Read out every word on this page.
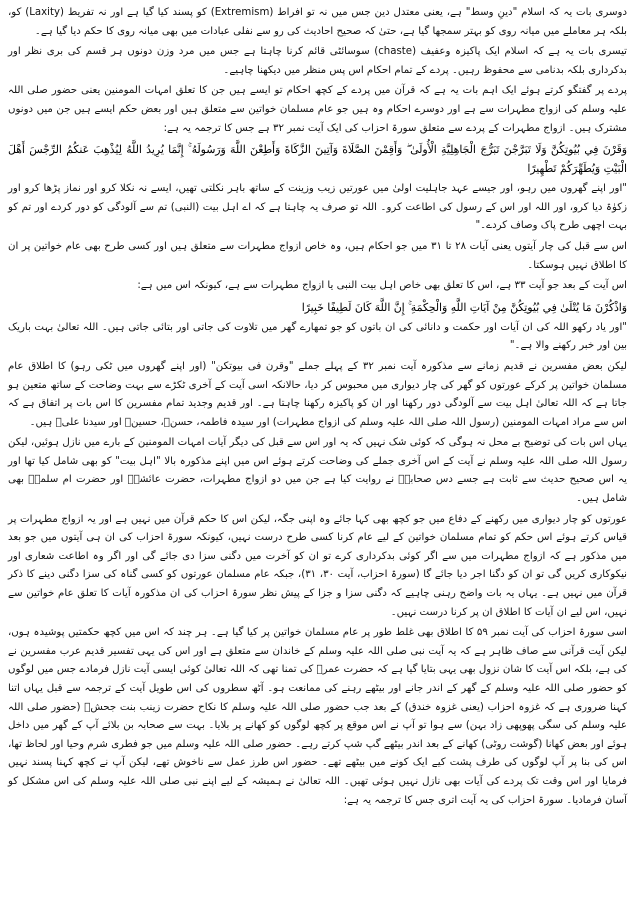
دوسری بات یہ کہ اسلام "دینِ وسط" ہے، یعنی معتدل دین جس میں نہ تو افراط (Extremism) کو پسند کیا گیا ہے اور نہ تفریط (Laxity) کو، بلکہ ہر معاملے میں میانہ روی کو بہتر سمجھا گیا ہے، حتیٰ کہ صحیح احادیث کی رو سے نفلی عبادات میں بھی میانہ روی کا حکم دیا گیا ہے۔

تیسری بات یہ ہے کہ اسلام ایک پاکیزہ وعفیف (chaste) سوسائٹی قائم کرنا چاہتا ہے جس میں مرد وزن دونوں ہر قسم کی بری نظر اور بدکرداری بلکہ بدنامی سے محفوظ رہیں۔ پردے کے تمام احکام اس پس منظر میں دیکھنا چاہیے۔

پردے پر گفتگو کرتے ہوئے ایک اہم بات یہ ہے کہ قرآن میں پردے کے کچھ احکام تو ایسے ہیں جن کا تعلق امہات المومنین یعنی حضور صلی اللہ علیہ وسلم کی ازواج مطہرات سے ہے اور دوسرے احکام وہ ہیں جو عام مسلمان خواتین سے متعلق ہیں اور بعض حکم ایسے ہیں جن میں دونوں مشترک ہیں۔ ازواج مطہرات کے پردے سے متعلق سورۃ احزاب کی ایک آیت نمبر ۳۲ ہے جس کا ترجمہ یہ ہے:

وَقَرْنَ فِي بُيُوتِكُنَّ وَلَا تَبَرَّجْنَ تَبَرُّجَ الْجَاهِلِيَّةِ الْأُولَىٰ ۖ وَأَقِمْنَ الصَّلَاةَ وَآتِينَ الزَّكَاةَ وَأَطِعْنَ اللَّهَ وَرَسُولَهُ ۚ إِنَّمَا يُرِيدُ اللَّهُ لِيُذْهِبَ عَنكُمُ الرِّجْسَ أَهْلَ الْبَيْتِ وَيُطَهِّرَكُمْ تَطْهِيرًا

"اور اپنے گھروں میں رہو، اور جیسے عہد جاہلیت اولیٰ میں عورتیں زیب وزینت کے ساتھ باہر نکلتی تھیں، ایسے نہ نکلا کرو اور نماز پڑھا کرو اور زکوٰۃ دیا کرو، اور اللہ اور اس کے رسول کی اطاعت کرو۔ اللہ تو صرف یہ چاہتا ہے کہ اے اہل بیت (النبی) تم سے آلودگی کو دور کردے اور تم کو بہت اچھی طرح پاک وصاف کردے۔"

اس سے قبل کی چار آیتوں یعنی آیات ۲۸ تا ۳۱ میں جو احکام ہیں، وہ خاص ازواج مطہرات سے متعلق ہیں اور کسی طرح بھی عام خواتین پر ان کا اطلاق نہیں ہوسکتا۔

اس آیت کے بعد جو آیت ۳۳ ہے، اس کا تعلق بھی خاص اہل بیت النبی یا ازواج مطہرات سے ہے، کیونکہ اس میں ہے:

وَاذْكُرْنَ مَا يُتْلَىٰ فِي بُيُوتِكُنَّ مِنْ آيَاتِ اللَّهِ وَالْحِكْمَةِ ۚ إِنَّ اللَّهَ كَانَ لَطِيفًا خَبِيرًا

"اور یاد رکھو اللہ کی ان آیات اور حکمت و دانائی کی ان باتوں کو جو تمھارے گھر میں تلاوت کی جاتی اور بتائی جاتی ہیں۔ اللہ تعالیٰ بہت باریک بین اور خبر رکھنے والا ہے۔"

لیکن بعض مفسرین نے قدیم زمانے سے مذکورہ آیت نمبر ۳۲ کے پہلے جملے "وقرن فی بیوتکن" (اور اپنے گھروں میں ٹکی رہو) کا اطلاق عام مسلمان خواتین پر کرکے عورتوں کو گھر کی چار دیواری میں محبوس کر دیا، حالانکہ اسی آیت کے آخری ٹکڑے سے بہت وضاحت کے ساتھ متعین ہو جاتا ہے کہ اللہ تعالیٰ اہل بیت سے آلودگی دور رکھنا اور ان کو پاکیزہ رکھنا چاہتا ہے۔ اور قدیم وجدید تمام مفسرین کا اس بات پر اتفاق ہے کہ اس سے مراد امہات المومنین (رسول اللہ صلی اللہ علیہ وسلم کی ازواج مطہرات) اور سیدہ فاطمہ، حسنؓ، حسینؓ اور سیدنا علیؓ ہیں۔

یہاں اس بات کی توضیح بے محل نہ ہوگی کہ کوئی شک نہیں کہ یہ اور اس سے قبل کی دیگر آیات امہات المومنین کے بارے میں نازل ہوئیں، لیکن رسول اللہ صلی اللہ علیہ وسلم نے آیت کے اس آخری جملے کی وضاحت کرتے ہوئے اس میں اپنے مذکورہ بالا "اہل بیت" کو بھی شامل کیا تھا اور یہ اس صحیح حدیث سے ثابت ہے جسے دس صحابہؓ نے روایت کیا ہے جن میں دو ازواج مطہرات، حضرت عائشہؓ اور حضرت ام سلمہؓ بھی شامل ہیں۔

عورتوں کو چار دیواری میں رکھنے کے دفاع میں جو کچھ بھی کہا جائے وہ اپنی جگہ، لیکن اس کا حکم قرآن میں نہیں ہے اور یہ ازواج مطہرات پر قیاس کرتے ہوئے اس حکم کو تمام مسلمان خواتین کے لیے عام کرنا کسی طرح درست نہیں، کیونکہ سورۃ احزاب کی ان ہی آیتوں میں جو بعد میں مذکور ہے کہ ازواج مطہرات میں سے اگر کوئی بدکرداری کرے تو ان کو آخرت میں دگنی سزا دی جائے گی اور اگر وہ اطاعت شعاری اور نیکوکاری کریں گی تو ان کو دگنا اجر دیا جائے گا (سورۃ احزاب، آیت ۳۰، ۳۱)، جبکہ عام مسلمان عورتوں کو کسی گناہ کی سزا دگنی دینے کا ذکر قرآن میں نہیں ہے۔ یہاں یہ بات واضح رہنی چاہیے کہ دگنی سزا و جزا کے پیش نظر سورۃ احزاب کی ان مذکورہ آیات کا تعلق عام خواتین سے نہیں، اس لیے ان آیات کا اطلاق ان پر کرنا درست نہیں۔

اسی سورۃ احزاب کی آیت نمبر ۵۹ کا اطلاق بھی غلط طور پر عام مسلمان خواتین پر کیا گیا ہے۔ ہر چند کہ اس میں کچھ حکمتیں پوشیدہ ہوں، لیکن آیت قرآنی سے صاف ظاہر ہے کہ یہ آیت نبی صلی اللہ علیہ وسلم کے خاندان سے متعلق ہے اور اس کی یہی تفسیر قدیم عرب مفسرین نے کی ہے، بلکہ اس آیت کا شان نزول بھی یہی بتایا گیا ہے کہ حضرت عمرؓ کی تمنا تھی کہ اللہ تعالیٰ کوئی ایسی آیت نازل فرمادے جس میں لوگوں کو حضور صلی اللہ علیہ وسلم کے گھر کے اندر جانے اور بیٹھے رہنے کی ممانعت ہو۔ آٹھ سطروں کی اس طویل آیت کے ترجمہ سے قبل یہاں اتنا کہنا ضروری ہے کہ غزوہ احزاب (یعنی غزوہ خندق) کے بعد جب حضور صلی اللہ علیہ وسلم کا نکاح حضرت زینب بنت جحشؓ (حضور صلی اللہ علیہ وسلم کی سگی پھوپھی زاد بہن) سے ہوا تو آپ نے اس موقع پر کچھ لوگوں کو کھانے پر بلایا۔ بہت سے صحابہ بن بلائے آپ کے گھر میں داخل ہوئے اور بعض کھانا (گوشت روٹی) کھانے کے بعد اندر بیٹھے گپ شپ کرتے رہے۔ حضور صلی اللہ علیہ وسلم میں جو فطری شرم وحیا اور لحاظ تھا، اس کی بنا پر آپ لوگوں کی طرف پشت کیے ایک کونے میں بیٹھے تھے۔ حضور اس طرز عمل سے ناخوش تھے، لیکن آپ نے کچھ کہنا پسند نہیں فرمایا اور اس وقت تک پردے کی آیات بھی نازل نہیں ہوئی تھیں۔ اللہ تعالیٰ نے ہمیشہ کے لیے اپنے نبی صلی اللہ علیہ وسلم کی اس مشکل کو آسان فرمادیا۔ سورۃ احزاب کی یہ آیت اتری جس کا ترجمہ یہ ہے:
